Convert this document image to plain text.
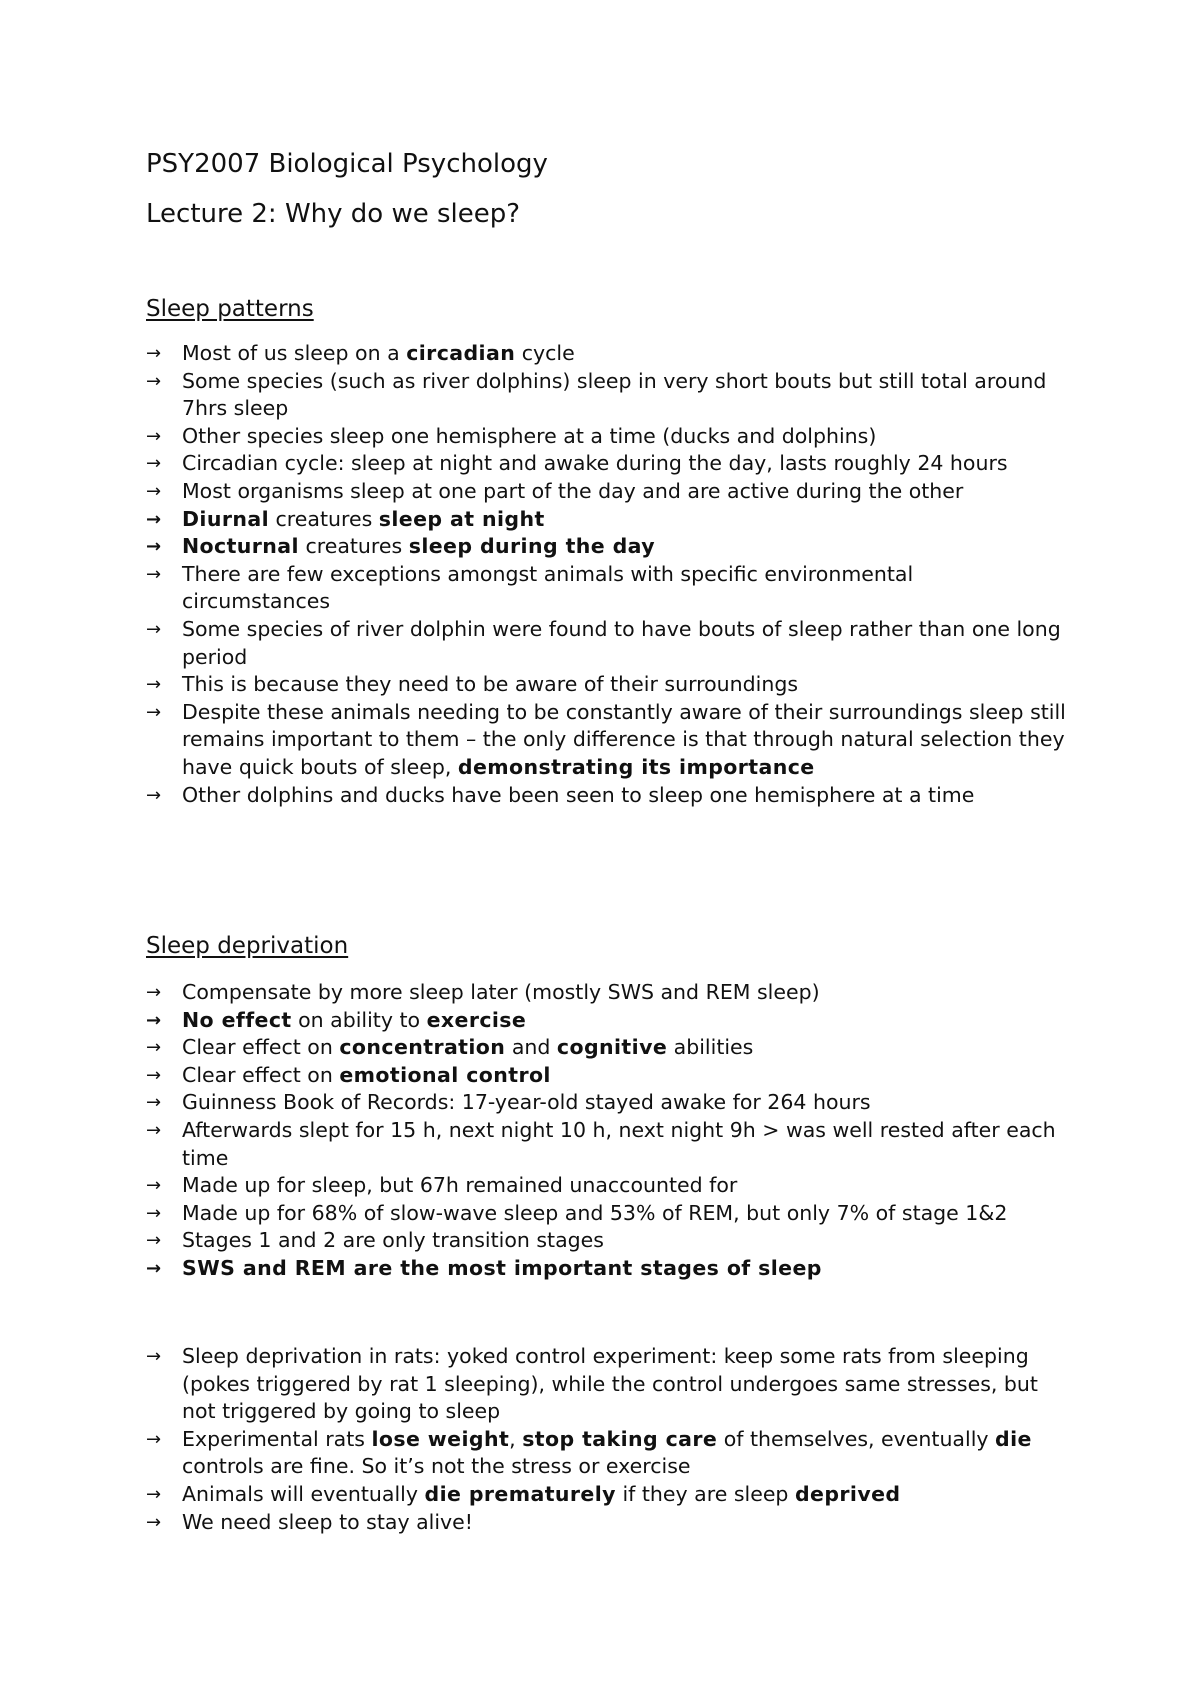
PSY2007 Biological Psychology
Lecture 2: Why do we sleep?
Sleep patterns
→	Most of us sleep on a circadian cycle
→	Some species (such as river dolphins) sleep in very short bouts but still total around 7hrs sleep
→	Other species sleep one hemisphere at a time (ducks and dolphins)
→	Circadian cycle: sleep at night and awake during the day, lasts roughly 24 hours
→	Most organisms sleep at one part of the day and are active during the other
→	Diurnal creatures sleep at night
→	Nocturnal creatures sleep during the day
→	There are few exceptions amongst animals with specific environmental circumstances
→	Some species of river dolphin were found to have bouts of sleep rather than one long period
→	This is because they need to be aware of their surroundings
→	Despite these animals needing to be constantly aware of their surroundings sleep still remains important to them – the only difference is that through natural selection they have quick bouts of sleep, demonstrating its importance
→	Other dolphins and ducks have been seen to sleep one hemisphere at a time
Sleep deprivation
→	Compensate by more sleep later (mostly SWS and REM sleep)
→	No effect on ability to exercise
→	Clear effect on concentration and cognitive abilities
→	Clear effect on emotional control
→	Guinness Book of Records: 17-year-old stayed awake for 264 hours
→	Afterwards slept for 15 h, next night 10 h, next night 9h > was well rested after each time
→	Made up for sleep, but 67h remained unaccounted for
→	Made up for 68% of slow-wave sleep and 53% of REM, but only 7% of stage 1&2
→	Stages 1 and 2 are only transition stages
→	SWS and REM are the most important stages of sleep
→	Sleep deprivation in rats: yoked control experiment: keep some rats from sleeping (pokes triggered by rat 1 sleeping), while the control undergoes same stresses, but not triggered by going to sleep
→	Experimental rats lose weight, stop taking care of themselves, eventually die controls are fine. So it’s not the stress or exercise
→	Animals will eventually die prematurely if they are sleep deprived
→	We need sleep to stay alive!
